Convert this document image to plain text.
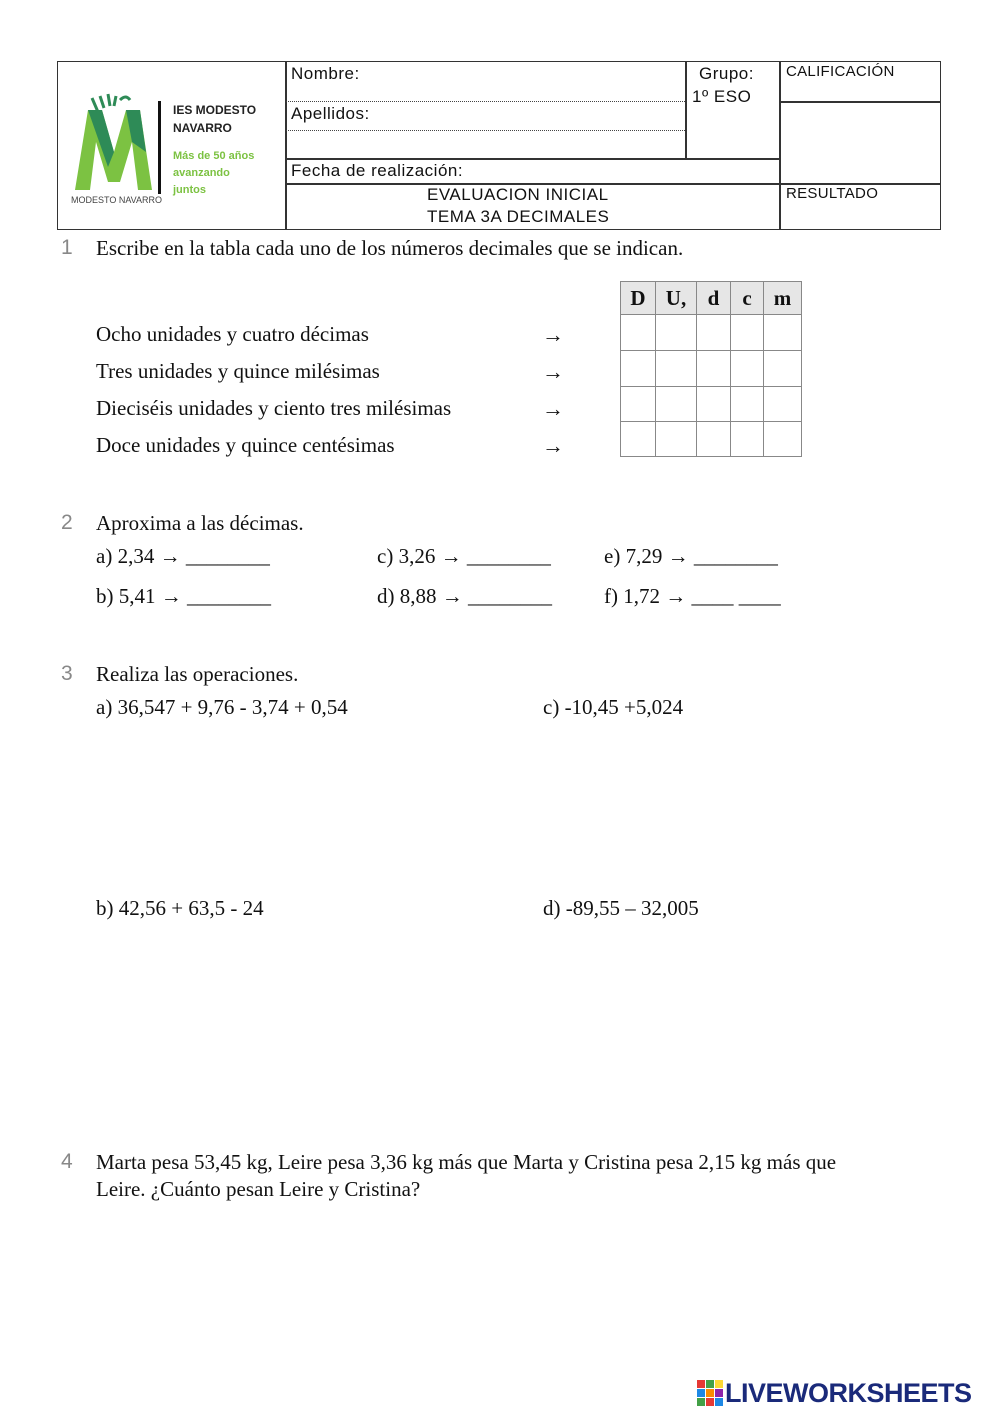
IES MODESTO
NAVARRO
Más de 50 años
avanzando
juntos
MODESTO NAVARRO
Nombre:
Apellidos:
Grupo:
1º ESO
CALIFICACIÓN
Fecha de realización:
EVALUACION INICIAL
TEMA 3A DECIMALES
RESULTADO
1 Escribe en la tabla cada uno de los números decimales que se indican.
Ocho unidades y cuatro décimas
Tres unidades y quince milésimas
Dieciséis unidades y ciento tres milésimas
Doce unidades y quince centésimas
→
→
→
→
D	U,	d	c	m

2 Aproxima a las décimas.
a) 2,34 → ________	c) 3,26 → ________	e) 7,29 → ________
b) 5,41 → ________	d) 8,88 → ________ f) 1,72 → ____ ____
3 Realiza las operaciones.
a) 36,547 + 9,76 - 3,74 + 0,54	c) -10,45 +5,024
b) 42,56 + 63,5 - 24	d) -89,55 – 32,005
4 Marta pesa 53,45 kg, Leire pesa 3,36 kg más que Marta y Cristina pesa 2,15 kg más que
Leire. ¿Cuánto pesan Leire y Cristina?
LIVEWORKSHEETS
